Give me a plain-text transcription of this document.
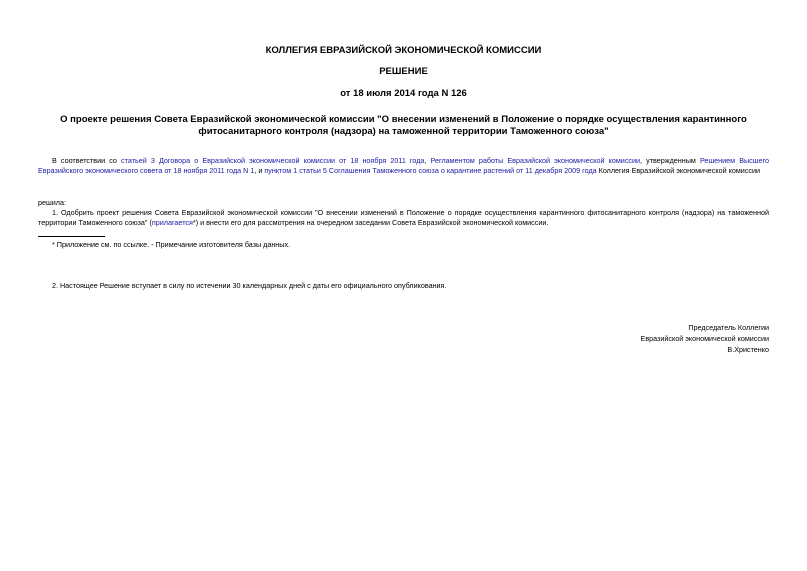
КОЛЛЕГИЯ ЕВРАЗИЙСКОЙ ЭКОНОМИЧЕСКОЙ КОМИССИИ
РЕШЕНИЕ
от 18 июля 2014 года N 126
О проекте решения Совета Евразийской экономической комиссии "О внесении изменений в Положение о порядке осуществления карантинного фитосанитарного контроля (надзора) на таможенной территории Таможенного союза"
В соответствии со статьей 3 Договора о Евразийской экономической комиссии от 18 ноября 2011 года, Регламентом работы Евразийской экономической комиссии, утвержденным Решением Высшего Евразийского экономического совета от 18 ноября 2011 года N 1, и пунктом 1 статьи 5 Соглашения Таможенного союза о карантине растений от 11 декабря 2009 года Коллегия Евразийской экономической комиссии
решила:
1. Одобрить проект решения Совета Евразийской экономической комиссии "О внесении изменений в Положение о порядке осуществления карантинного фитосанитарного контроля (надзора) на таможенной территории Таможенного союза" (прилагается*) и внести его для рассмотрения на очередном заседании Совета Евразийской экономической комиссии.
* Приложение см. по ссылке. - Примечание изготовителя базы данных.
2. Настоящее Решение вступает в силу по истечении 30 календарных дней с даты его официального опубликования.
Председатель Коллегии
Евразийской экономической комиссии
В.Христенко
